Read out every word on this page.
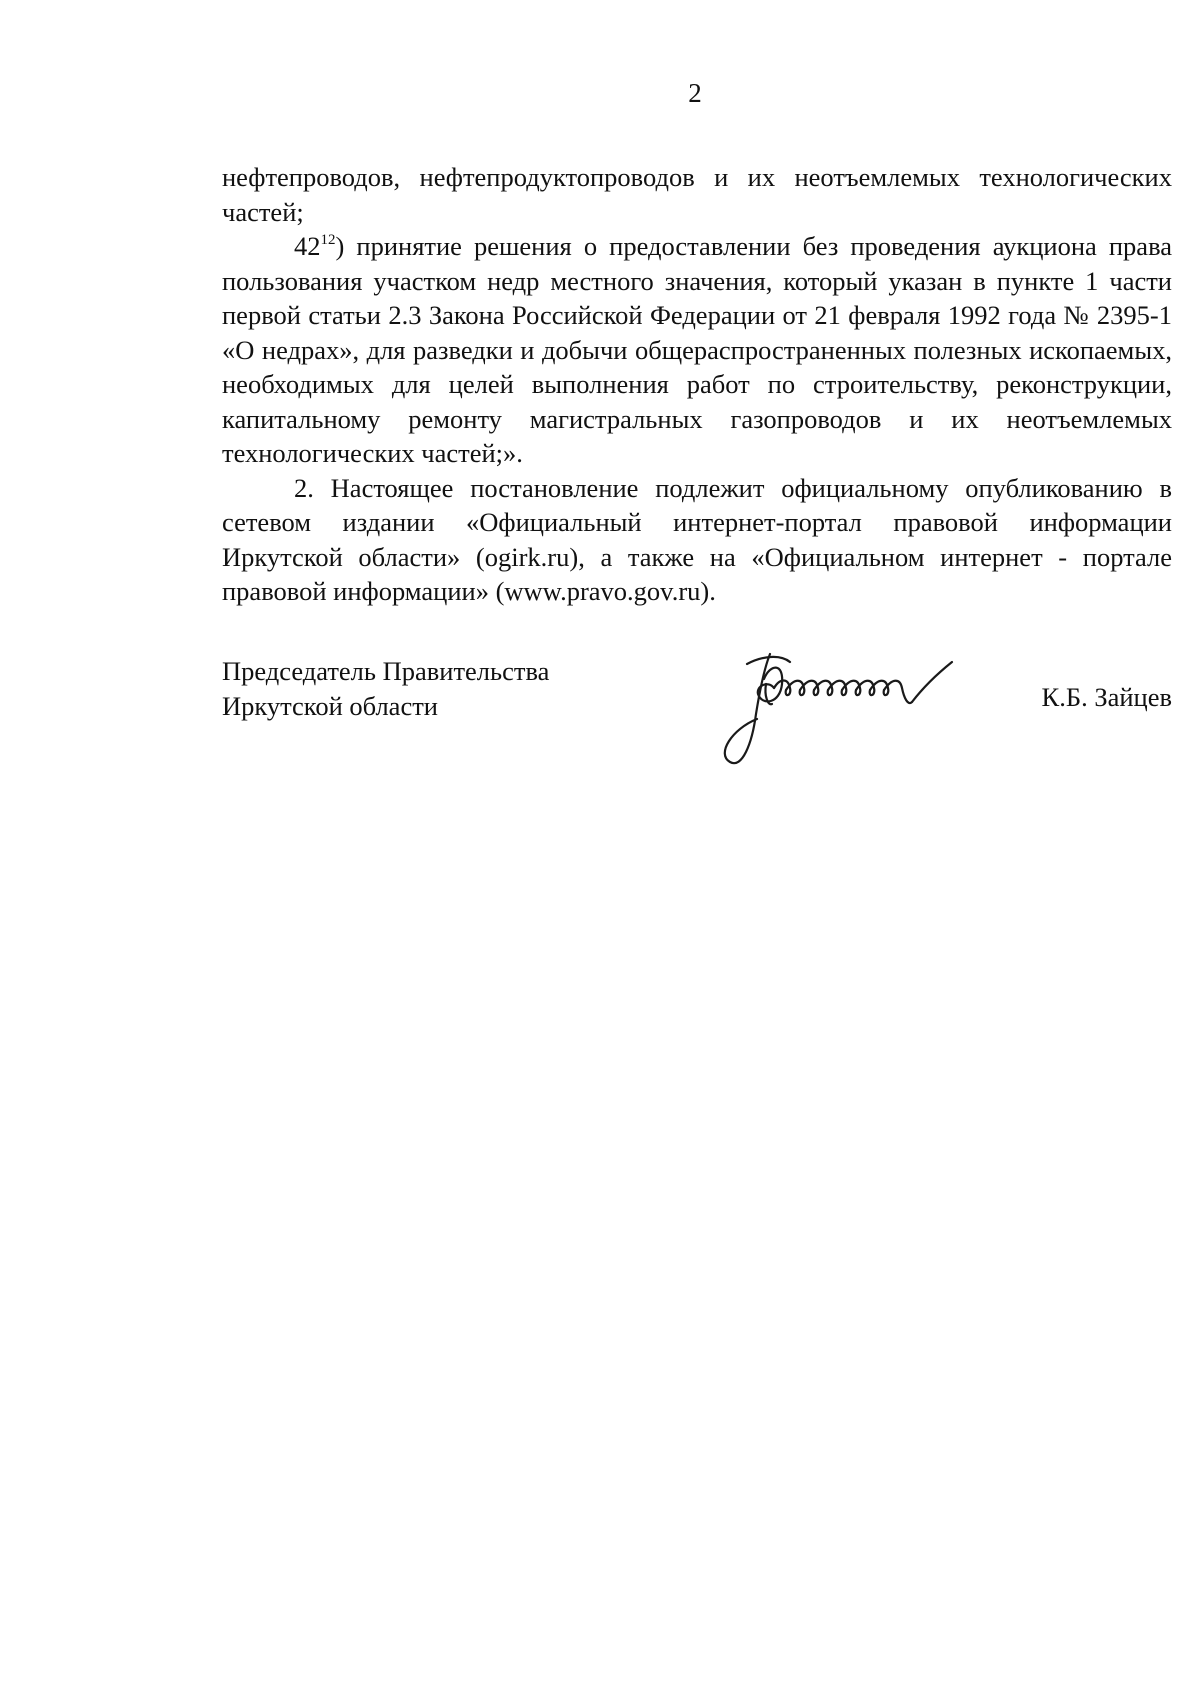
2

нефтепроводов, нефтепродуктопроводов и их неотъемлемых технологических частей;

$42^{12}$) принятие решения о предоставлении без проведения аукциона права пользования участком недр местного значения, который указан в пункте 1 части первой статьи 2.3 Закона Российской Федерации от 21 февраля 1992 года № 2395-1 «О недрах», для разведки и добычи общераспространенных полезных ископаемых, необходимых для целей выполнения работ по строительству, реконструкции, капитальному ремонту магистральных газопроводов и их неотъемлемых технологических частей;».

2. Настоящее постановление подлежит официальному опубликованию в сетевом издании «Официальный интернет-портал правовой информации Иркутской области» (ogirk.ru), а также на «Официальном интернет - портале правовой информации» (www.pravo.gov.ru).

Председатель Правительства
Иркутской области	К.Б. Зайцев
